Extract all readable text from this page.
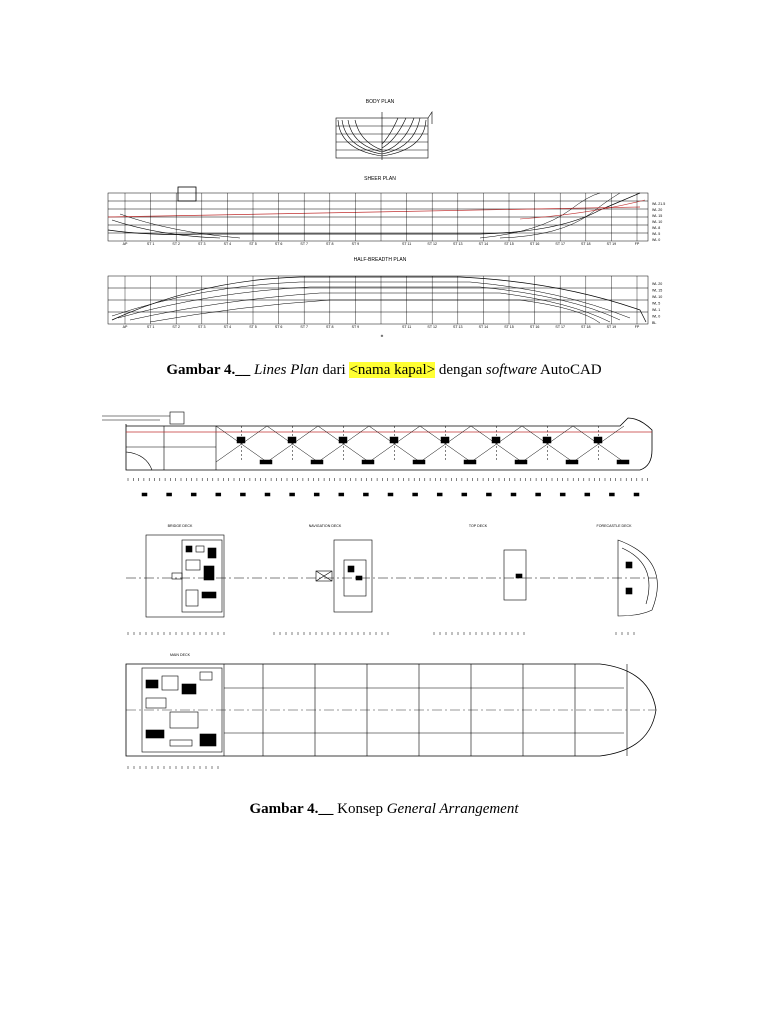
BODY PLAN
SHEER PLAN
HALF-BREADTH PLAN
⊕
BRIDGE DECK	NAVIGATION DECK	TOP DECK	FORECASTLE DECK
MAIN DECK
AP	ST 1	ST 2	ST 3	ST 4	ST 5	ST 6	ST 7	ST 8	ST 9	ST 11	ST 12	ST 13	ST 14	ST 15	ST 16	ST 17	ST 18	ST 19	FP
AP	ST 1	ST 2	ST 3	ST 4	ST 5	ST 6	ST 7	ST 8	ST 9	ST 11	ST 12	ST 13	ST 14	ST 15	ST 16	ST 17	ST 18	ST 19	FP
WL 21.5
WL 20
WL 15
WL 10
WL 8
WL 5
WL 0
WL 20
WL 15
WL 10
WL 5
WL 1
WL 0
BL
Gambar 4.__ Lines Plan dari <nama kapal> dengan software AutoCAD
Gambar 4.__ Konsep General Arrangement
